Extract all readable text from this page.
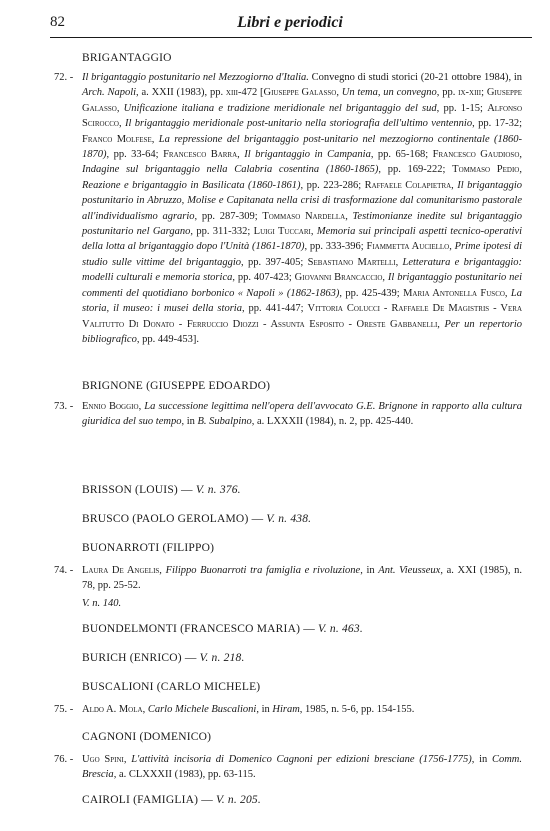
82	Libri e periodici
BRIGANTAGGIO
72. - Il brigantaggio postunitario nel Mezzogiorno d'Italia. Convegno di studi storici (20-21 ottobre 1984), in Arch. Napoli, a. XXII (1983), pp. xiii-472 [Giuseppe Galasso, Un tema, un convegno, pp. ix-xiii; Giuseppe Galasso, Unificazione italiana e tradizione meridionale nel brigantaggio del sud, pp. 1-15; Alfonso Scirocco, Il brigantaggio meridionale post-unitario nella storiografia dell'ultimo ventennio, pp. 17-32; Franco Molfese, La repressione del brigantaggio post-unitario nel mezzogiorno continentale (1860-1870), pp. 33-64; Francesco Barra, Il brigantaggio in Campania, pp. 65-168; Francesco Gaudioso, Indagine sul brigantaggio nella Calabria cosentina (1860-1865), pp. 169-222; Tommaso Pedio, Reazione e brigantaggio in Basilicata (1860-1861), pp. 223-286; Raffaele Colapietra, Il brigantaggio postunitario in Abruzzo, Molise e Capitanata nella crisi di trasformazione dal comunitarismo pastorale all'individualismo agrario, pp. 287-309; Tommaso Nardella, Testimonianze inedite sul brigantaggio postunitario nel Gargano, pp. 311-332; Luigi Tuccari, Memoria sui principali aspetti tecnico-operativi della lotta al brigantaggio dopo l'Unità (1861-1870), pp. 333-396; Fiammetta Auciello, Prime ipotesi di studio sulle vittime del brigantaggio, pp. 397-405; Sebastiano Martelli, Letteratura e brigantaggio: modelli culturali e memoria storica, pp. 407-423; Giovanni Brancaccio, Il brigantaggio postunitario nei commenti del quotidiano borbonico « Napoli » (1862-1863), pp. 425-439; Maria Antonella Fusco, La storia, il museo: i musei della storia, pp. 441-447; Vittoria Colucci - Raffaele De Magistris - Vera Valitutto Di Donato - Ferruccio Diozzi - Assunta Esposito - Oreste Gabbanelli, Per un repertorio bibliografico, pp. 449-453].
BRIGNONE (GIUSEPPE EDOARDO)
73. - Ennio Boggio, La successione legittima nell'opera dell'avvocato G.E. Brignone in rapporto alla cultura giuridica del suo tempo, in B. Subalpino, a. LXXXII (1984), n. 2, pp. 425-440.
BRISSON (LOUIS) — V. n. 376.
BRUSCO (PAOLO GEROLAMO) — V. n. 438.
BUONARROTI (FILIPPO)
74. - Laura De Angelis, Filippo Buonarroti tra famiglia e rivoluzione, in Ant. Vieusseux, a. XXI (1985), n. 78, pp. 25-52.
V. n. 140.
BUONDELMONTI (FRANCESCO MARIA) — V. n. 463.
BURICH (ENRICO) — V. n. 218.
BUSCALIONI (CARLO MICHELE)
75. - Aldo A. Mola, Carlo Michele Buscalioni, in Hiram, 1985, n. 5-6, pp. 154-155.
CAGNONI (DOMENICO)
76. - Ugo Spini, L'attività incisoria di Domenico Cagnoni per edizioni bresciane (1756-1775), in Comm. Brescia, a. CLXXXII (1983), pp. 63-115.
CAIROLI (FAMIGLIA) — V. n. 205.
